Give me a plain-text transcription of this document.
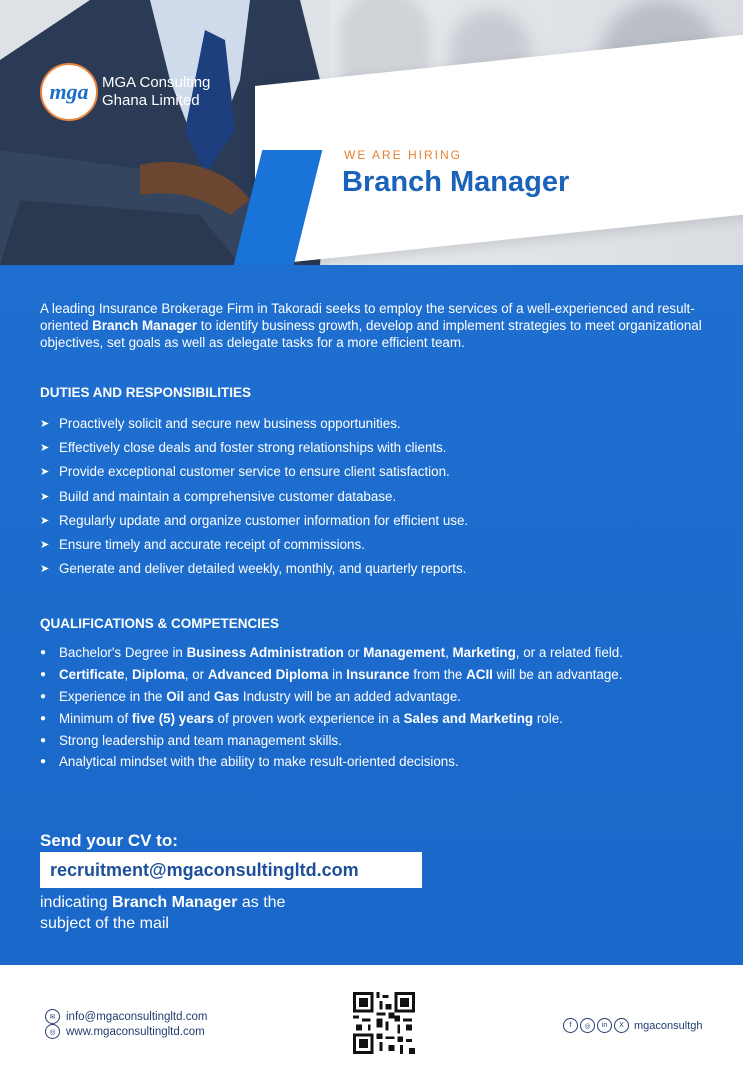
mga MGA Consulting
Ghana Limited
WE ARE HIRING
Branch Manager
A leading Insurance Brokerage Firm in Takoradi seeks to employ the services of a well-experienced and result-oriented Branch Manager to identify business growth, develop and implement strategies to meet organizational objectives, set goals as well as delegate tasks for a more efficient team.
DUTIES AND RESPONSIBILITIES
➤ Proactively solicit and secure new business opportunities.
➤ Effectively close deals and foster strong relationships with clients.
➤ Provide exceptional customer service to ensure client satisfaction.
➤ Build and maintain a comprehensive customer database.
➤ Regularly update and organize customer information for efficient use.
➤ Ensure timely and accurate receipt of commissions.
➤ Generate and deliver detailed weekly, monthly, and quarterly reports.
QUALIFICATIONS & COMPETENCIES
● Bachelor's Degree in Business Administration or Management, Marketing, or a related field.
● Certificate, Diploma, or Advanced Diploma in Insurance from the ACII will be an advantage.
● Experience in the Oil and Gas Industry will be an added advantage.
● Minimum of five (5) years of proven work experience in a Sales and Marketing role.
● Strong leadership and team management skills.
● Analytical mindset with the ability to make result-oriented decisions.
Send your CV to:
recruitment@mgaconsultingltd.com
indicating Branch Manager as the subject of the mail
✉ info@mgaconsultingltd.com
◎ www.mgaconsultingltd.com	f	◎	in	X mgaconsultgh
